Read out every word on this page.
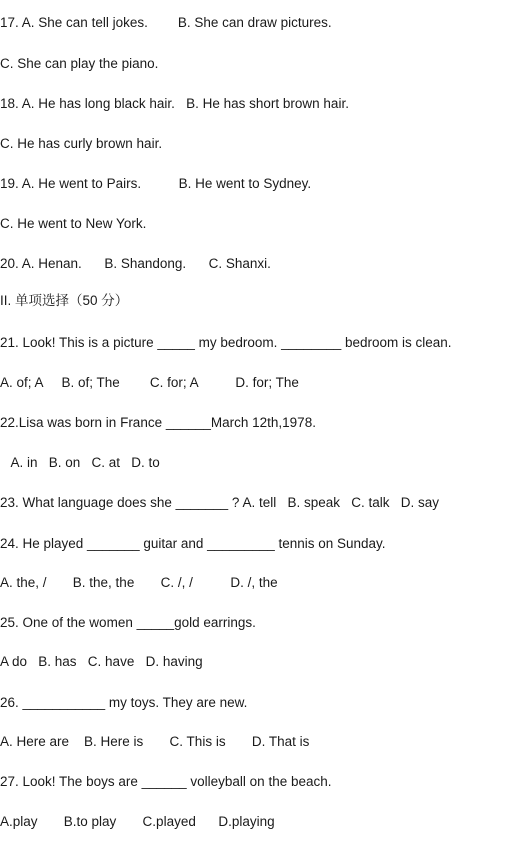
17. A. She can tell jokes.        B. She can draw pictures.
C. She can play the piano.
18. A. He has long black hair.   B. He has short brown hair.
C. He has curly brown hair.
19. A. He went to Pairs.          B. He went to Sydney.
C. He went to New York.
20. A. Henan.      B. Shandong.      C. Shanxi.
II. 单项选择（50 分）
21. Look! This is a picture _____ my bedroom. ________ bedroom is clean.
A. of; A     B. of; The        C. for; A          D. for; The
22.Lisa was born in France ______March 12th,1978.
A. in   B. on   C. at   D. to
23. What language does she _______ ? A. tell   B. speak   C. talk   D. say
24. He played _______ guitar and _________ tennis on Sunday.
A. the, /       B. the, the       C. /, /          D. /, the
25. One of the women _____gold earrings.
A do   B. has   C. have   D. having
26. ___________ my toys. They are new.
A. Here are    B. Here is       C. This is       D. That is
27. Look! The boys are ______ volleyball on the beach.
A.play       B.to play       C.played      D.playing
